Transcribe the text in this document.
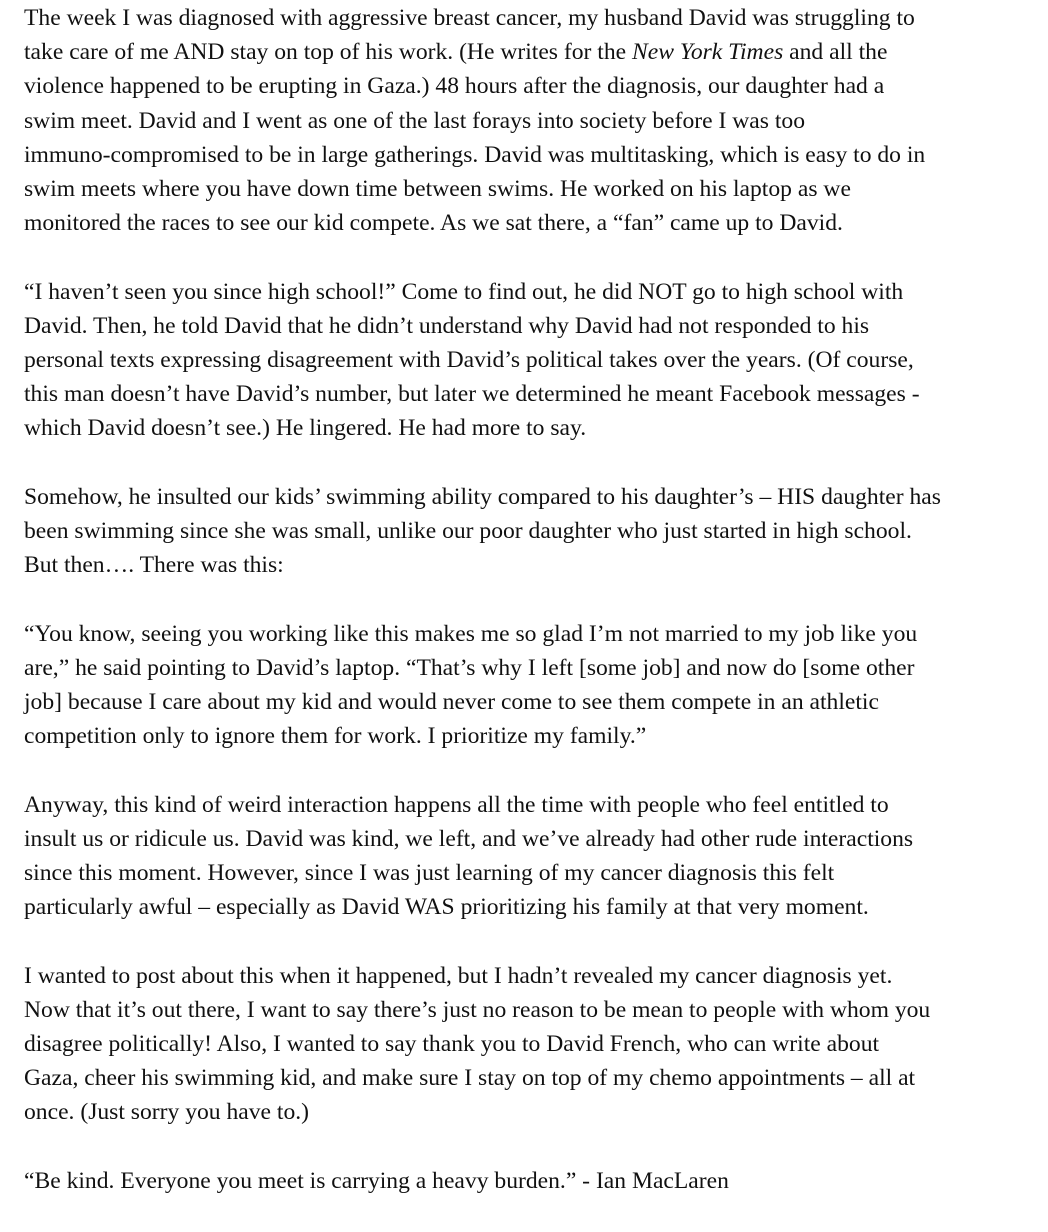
The week I was diagnosed with aggressive breast cancer, my husband David was struggling to
take care of me AND stay on top of his work. (He writes for the New York Times and all the
violence happened to be erupting in Gaza.) 48 hours after the diagnosis, our daughter had a
swim meet. David and I went as one of the last forays into society before I was too
immuno-compromised to be in large gatherings. David was multitasking, which is easy to do in
swim meets where you have down time between swims. He worked on his laptop as we
monitored the races to see our kid compete. As we sat there, a “fan” came up to David.

“I haven’t seen you since high school!” Come to find out, he did NOT go to high school with
David. Then, he told David that he didn’t understand why David had not responded to his
personal texts expressing disagreement with David’s political takes over the years. (Of course,
this man doesn’t have David’s number, but later we determined he meant Facebook messages -
which David doesn’t see.) He lingered. He had more to say.

Somehow, he insulted our kids’ swimming ability compared to his daughter’s – HIS daughter has
been swimming since she was small, unlike our poor daughter who just started in high school.
But then…. There was this:

“You know, seeing you working like this makes me so glad I’m not married to my job like you
are,” he said pointing to David’s laptop. “That’s why I left [some job] and now do [some other
job] because I care about my kid and would never come to see them compete in an athletic
competition only to ignore them for work. I prioritize my family.”

Anyway, this kind of weird interaction happens all the time with people who feel entitled to
insult us or ridicule us. David was kind, we left, and we’ve already had other rude interactions
since this moment. However, since I was just learning of my cancer diagnosis this felt
particularly awful – especially as David WAS prioritizing his family at that very moment.

I wanted to post about this when it happened, but I hadn’t revealed my cancer diagnosis yet.
Now that it’s out there, I want to say there’s just no reason to be mean to people with whom you
disagree politically! Also, I wanted to say thank you to David French, who can write about
Gaza, cheer his swimming kid, and make sure I stay on top of my chemo appointments – all at
once. (Just sorry you have to.)

“Be kind. Everyone you meet is carrying a heavy burden.” - Ian MacLaren
